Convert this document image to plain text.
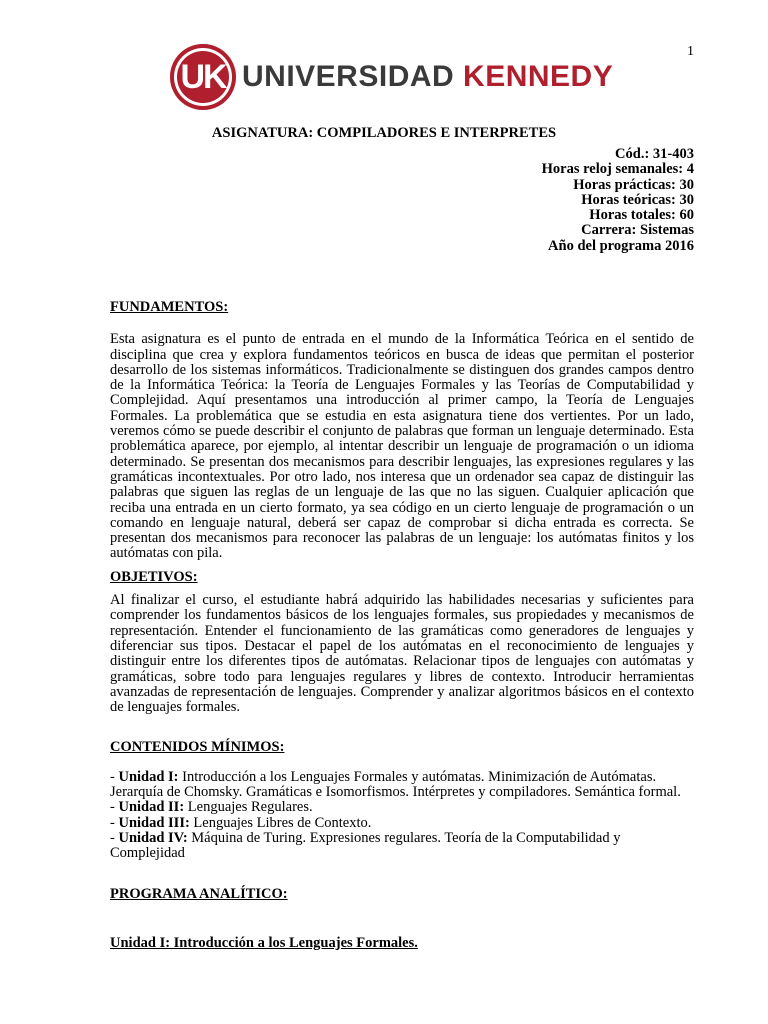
1
UK UNIVERSIDAD KENNEDY
ASIGNATURA: COMPILADORES E INTERPRETES
Cód.: 31-403
Horas reloj semanales: 4
Horas prácticas: 30
Horas teóricas: 30
Horas totales: 60
Carrera: Sistemas
Año del programa 2016
FUNDAMENTOS:

Esta asignatura es el punto de entrada en el mundo de la Informática Teórica en el sentido de disciplina que crea y explora fundamentos teóricos en busca de ideas que permitan el posterior desarrollo de los sistemas informáticos. Tradicionalmente se distinguen dos grandes campos dentro de la Informática Teórica: la Teoría de Lenguajes Formales y las Teorías de Computabilidad y Complejidad. Aquí presentamos una introducción al primer campo, la Teoría de Lenguajes Formales. La problemática que se estudia en esta asignatura tiene dos vertientes. Por un lado, veremos cómo se puede describir el conjunto de palabras que forman un lenguaje determinado. Esta problemática aparece, por ejemplo, al intentar describir un lenguaje de programación o un idioma determinado. Se presentan dos mecanismos para describir lenguajes, las expresiones regulares y las gramáticas incontextuales. Por otro lado, nos interesa que un ordenador sea capaz de distinguir las palabras que siguen las reglas de un lenguaje de las que no las siguen. Cualquier aplicación que reciba una entrada en un cierto formato, ya sea código en un cierto lenguaje de programación o un comando en lenguaje natural, deberá ser capaz de comprobar si dicha entrada es correcta. Se presentan dos mecanismos para reconocer las palabras de un lenguaje: los autómatas finitos y los autómatas con pila.

OBJETIVOS:

Al finalizar el curso, el estudiante habrá adquirido las habilidades necesarias y suficientes para comprender los fundamentos básicos de los lenguajes formales, sus propiedades y mecanismos de representación. Entender el funcionamiento de las gramáticas como generadores de lenguajes y diferenciar sus tipos. Destacar el papel de los autómatas en el reconocimiento de lenguajes y distinguir entre los diferentes tipos de autómatas. Relacionar tipos de lenguajes con autómatas y gramáticas, sobre todo para lenguajes regulares y libres de contexto. Introducir herramientas avanzadas de representación de lenguajes. Comprender y analizar algoritmos básicos en el contexto de lenguajes formales.

CONTENIDOS MÍNIMOS:
- Unidad I: Introducción a los Lenguajes Formales y autómatas. Minimización de Autómatas.
Jerarquía de Chomsky. Gramáticas e Isomorfismos. Intérpretes y compiladores. Semántica formal.
- Unidad II: Lenguajes Regulares.
- Unidad III: Lenguajes Libres de Contexto.
- Unidad IV: Máquina de Turing. Expresiones regulares. Teoría de la Computabilidad y Complejidad
PROGRAMA ANALÍTICO:
Unidad I: Introducción a los Lenguajes Formales.
